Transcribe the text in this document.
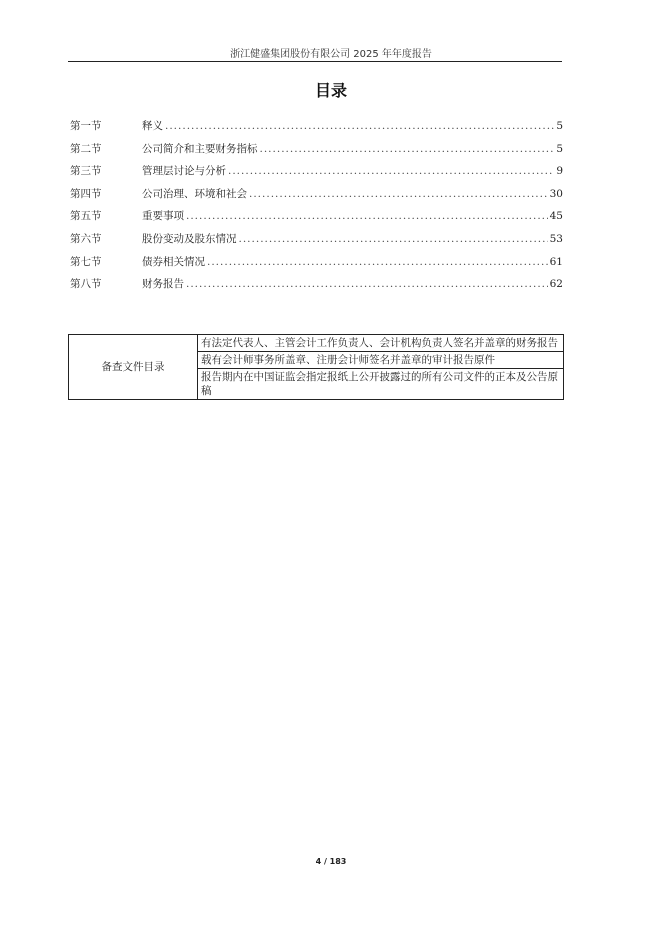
浙江健盛集团股份有限公司 2025 年年度报告
目录
第一节	释义 .....	5
第二节	公司简介和主要财务指标 .....	5
第三节	管理层讨论与分析 .....	9
第四节	公司治理、环境和社会 .....	30
第五节	重要事项 .....	45
第六节	股份变动及股东情况 .....	53
第七节	债券相关情况 .....	61
第八节	财务报告 .....	62
备查文件目录	有法定代表人、主管会计工作负责人、会计机构负责人签名并盖章的财务报告
载有会计师事务所盖章、注册会计师签名并盖章的审计报告原件
报告期内在中国证监会指定报纸上公开披露过的所有公司文件的正本及公告原稿
4 / 183
